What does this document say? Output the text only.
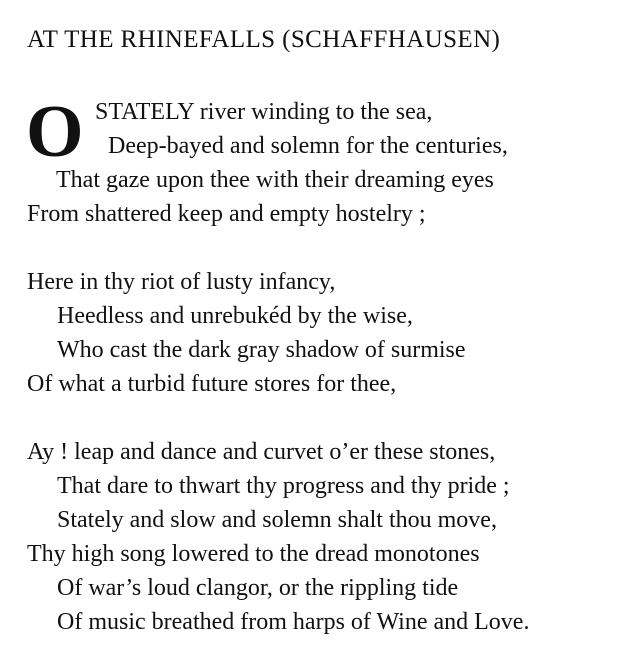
AT THE RHINEFALLS (SCHAFFHAUSEN)
O STATELY river winding to the sea,
Deep-bayed and solemn for the centuries,
That gaze upon thee with their dreaming eyes
From shattered keep and empty hostelry ;
Here in thy riot of lusty infancy,
Heedless and unrebukéd by the wise,
Who cast the dark gray shadow of surmise
Of what a turbid future stores for thee,
Ay ! leap and dance and curvet o’er these stones,
That dare to thwart thy progress and thy pride ;
Stately and slow and solemn shalt thou move,
Thy high song lowered to the dread monotones
Of war’s loud clangor, or the rippling tide
Of music breathed from harps of Wine and Love.
